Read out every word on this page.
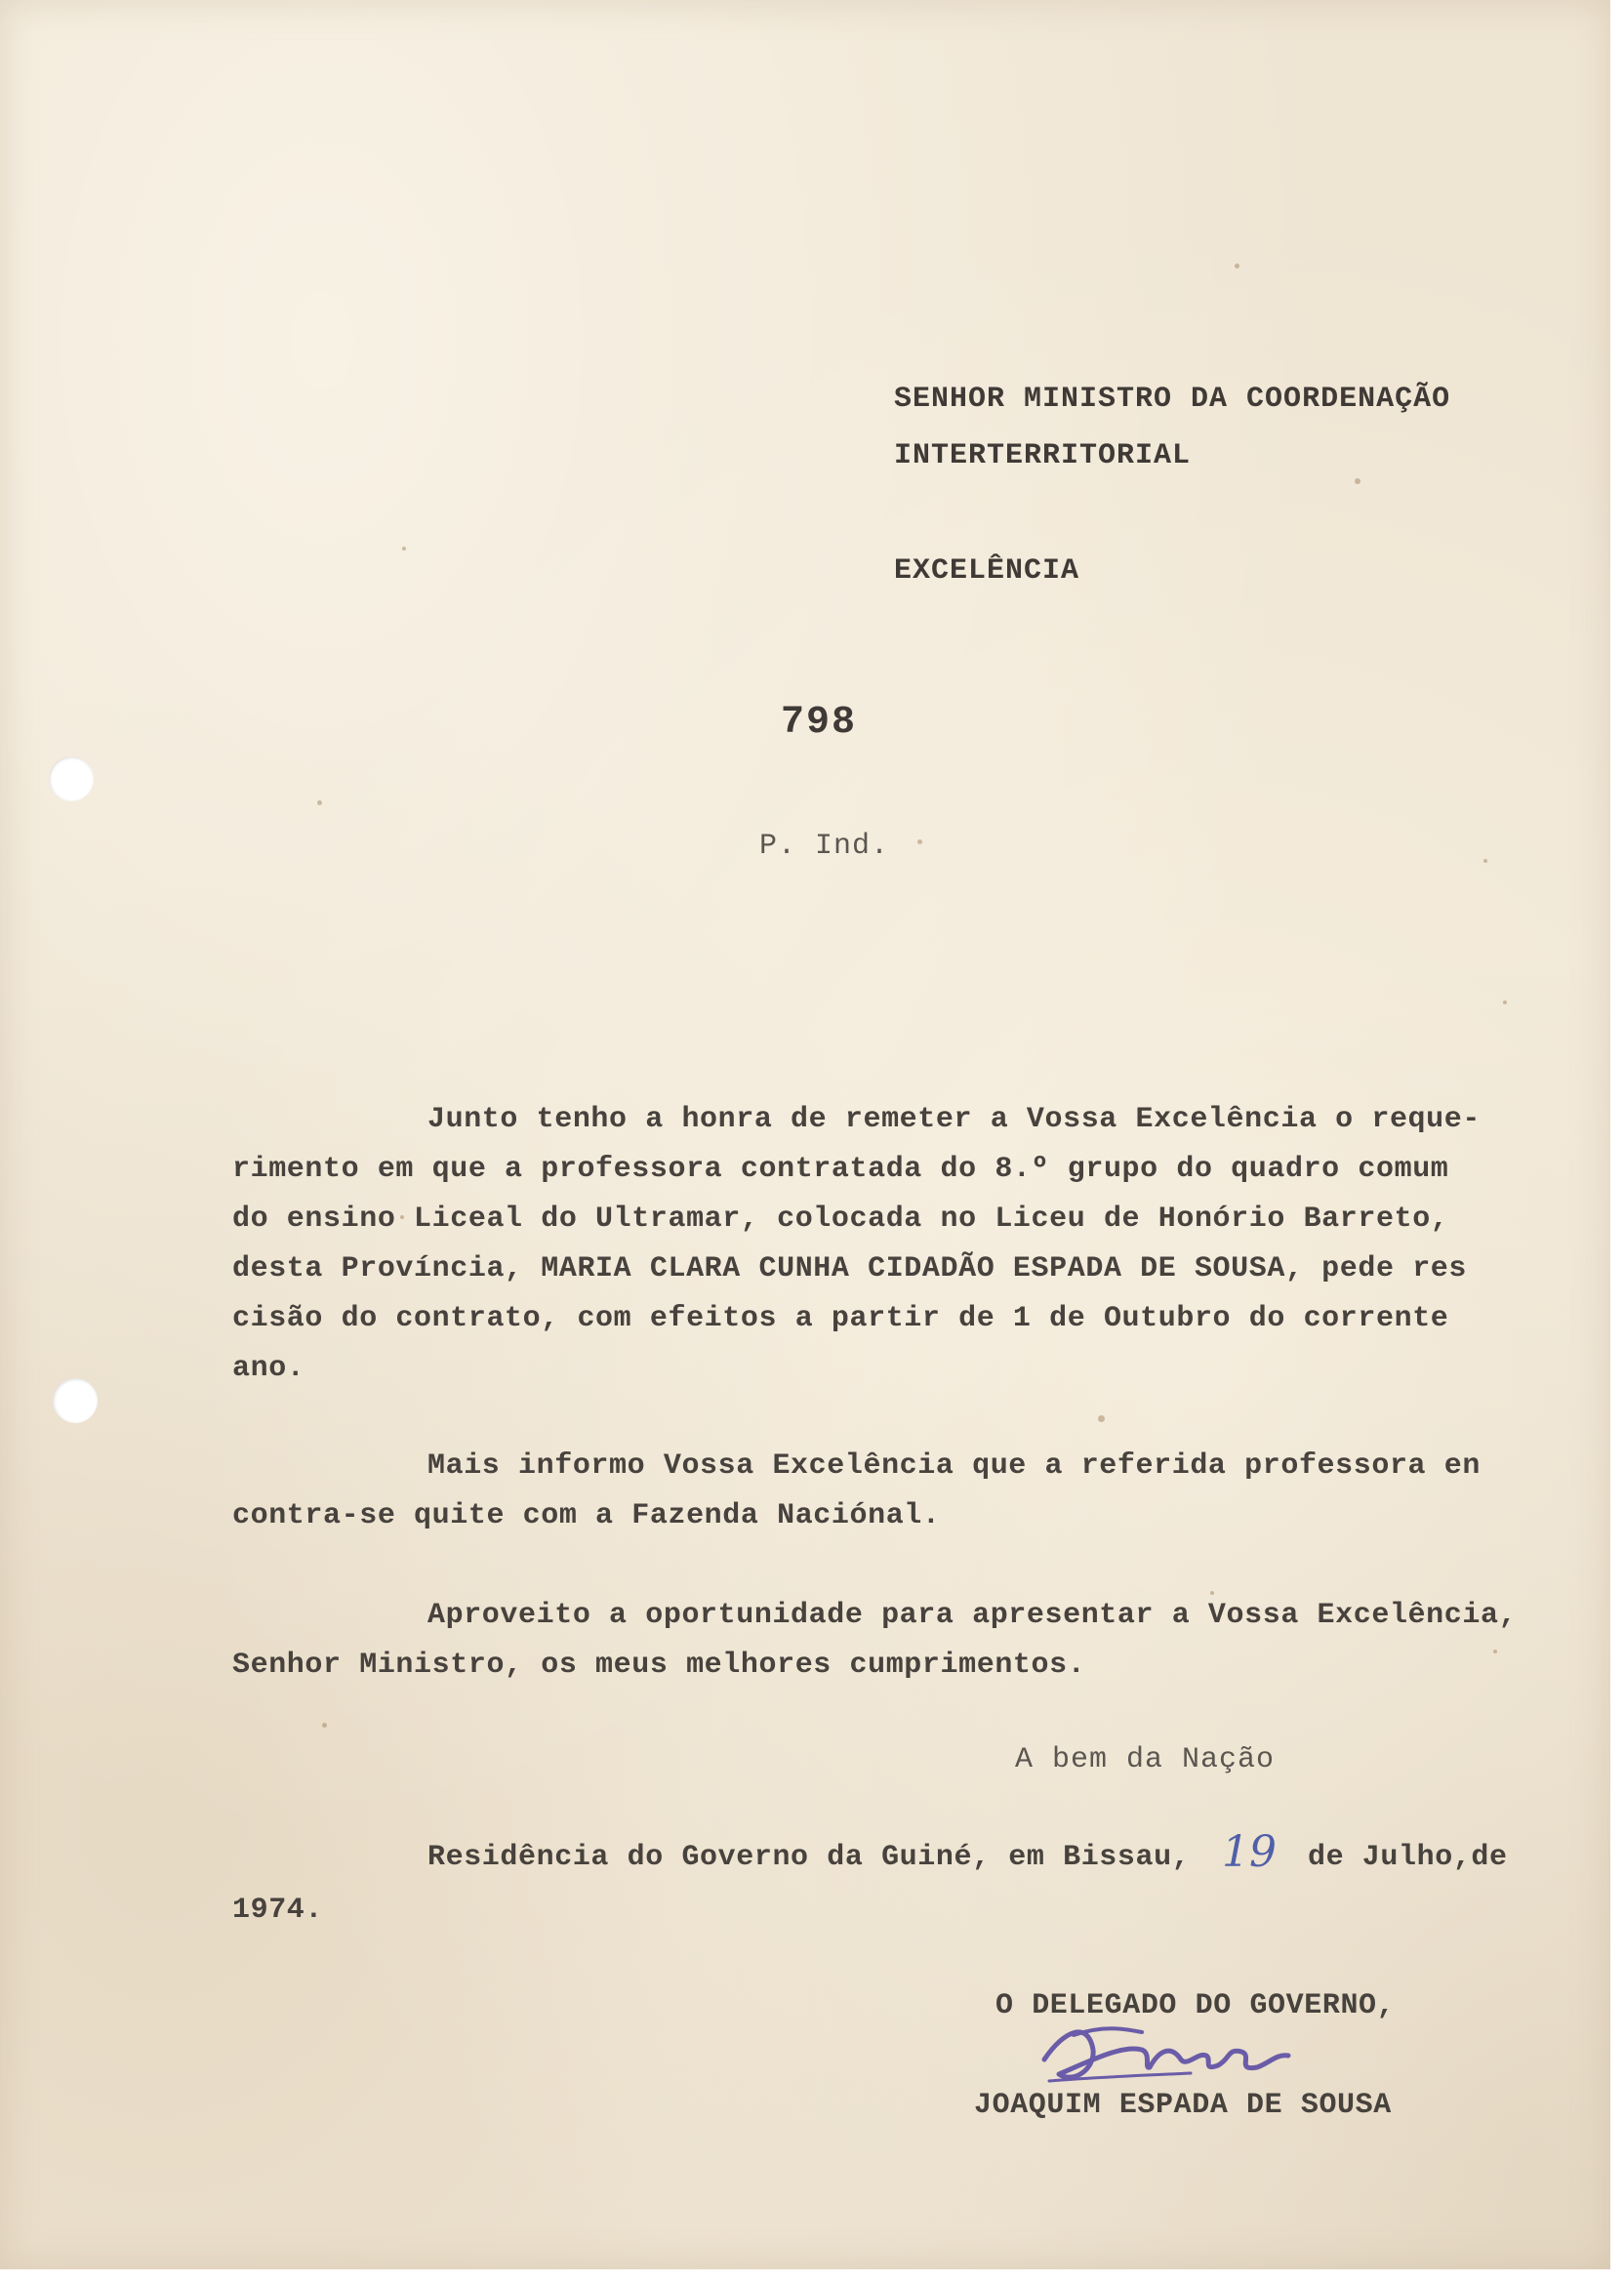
SENHOR MINISTRO DA COORDENAÇÃO
INTERTERRITORIAL
EXCELÊNCIA
798
P. Ind.
Junto tenho a honra de remeter a Vossa Excelência o reque-
rimento em que a professora contratada do 8.º grupo do quadro comum
do ensino Liceal do Ultramar, colocada no Liceu de Honório Barreto,
desta Província, MARIA CLARA CUNHA CIDADÃO ESPADA DE SOUSA, pede res
cisão do contrato, com efeitos a partir de 1 de Outubro do corrente
ano.
Mais informo Vossa Excelência que a referida professora en
contra-se quite com a Fazenda Naciónal.
Aproveito a oportunidade para apresentar a Vossa Excelência,
Senhor Ministro, os meus melhores cumprimentos.
A bem da Nação
Residência do Governo da Guiné, em Bissau, 19 de Julho,de
1974.
O DELEGADO DO GOVERNO,
JOAQUIM ESPADA DE SOUSA
